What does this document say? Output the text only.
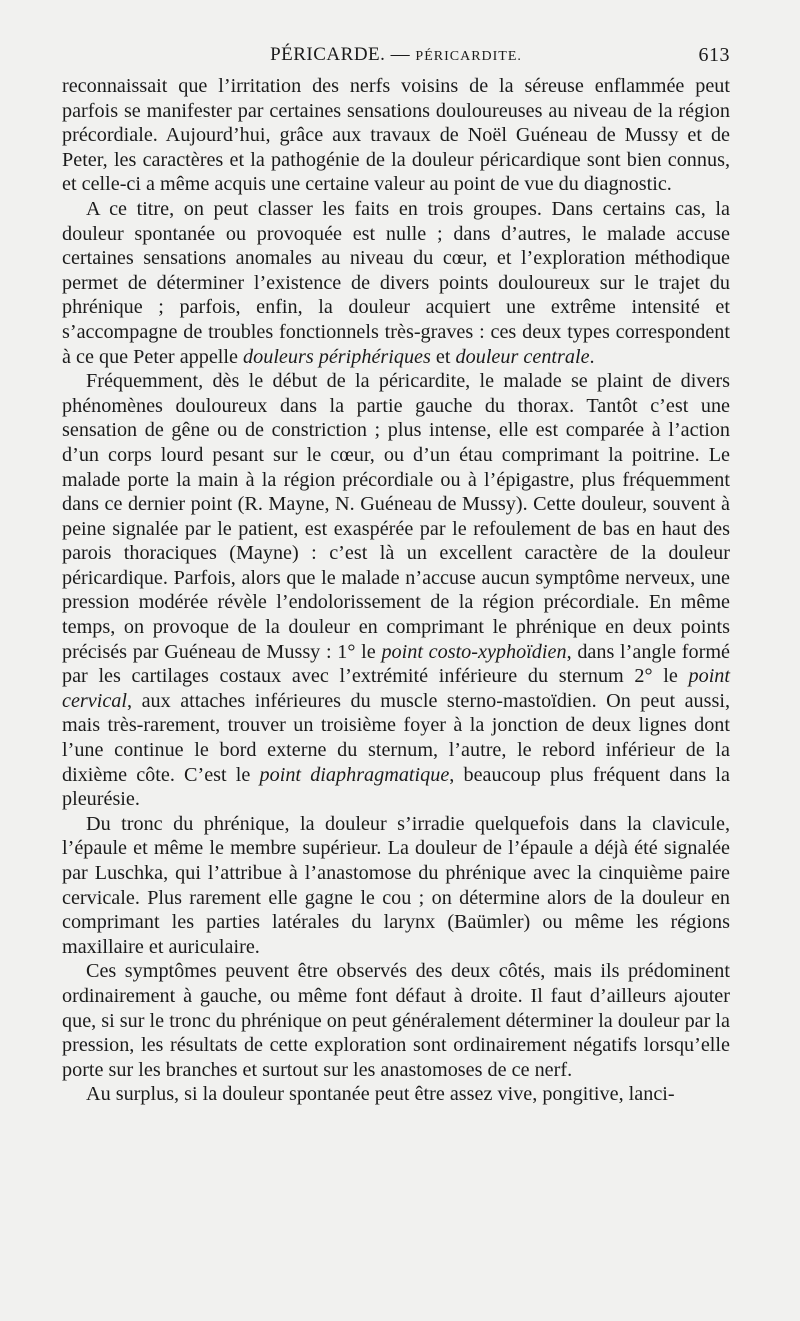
PÉRICARDE. — PÉRICARDITE.	613

reconnaissait que l’irritation des nerfs voisins de la séreuse enflammée peut parfois se manifester par certaines sensations douloureuses au niveau de la région précordiale. Aujourd’hui, grâce aux travaux de Noël Guéneau de Mussy et de Peter, les caractères et la pathogénie de la douleur péricardique sont bien connus, et celle-ci a même acquis une certaine valeur au point de vue du diagnostic.

A ce titre, on peut classer les faits en trois groupes. Dans certains cas, la douleur spontanée ou provoquée est nulle ; dans d’autres, le malade accuse certaines sensations anomales au niveau du cœur, et l’exploration méthodique permet de déterminer l’existence de divers points douloureux sur le trajet du phrénique ; parfois, enfin, la douleur acquiert une extrême intensité et s’accompagne de troubles fonctionnels très-graves : ces deux types correspondent à ce que Peter appelle douleurs périphériques et douleur centrale.

Fréquemment, dès le début de la péricardite, le malade se plaint de divers phénomènes douloureux dans la partie gauche du thorax. Tantôt c’est une sensation de gêne ou de constriction ; plus intense, elle est comparée à l’action d’un corps lourd pesant sur le cœur, ou d’un étau comprimant la poitrine. Le malade porte la main à la région précordiale ou à l’épigastre, plus fréquemment dans ce dernier point (R. Mayne, N. Guéneau de Mussy). Cette douleur, souvent à peine signalée par le patient, est exaspérée par le refoulement de bas en haut des parois thoraciques (Mayne) : c’est là un excellent caractère de la douleur péricardique. Parfois, alors que le malade n’accuse aucun symptôme nerveux, une pression modérée révèle l’endolorissement de la région précordiale. En même temps, on provoque de la douleur en comprimant le phrénique en deux points précisés par Guéneau de Mussy : 1° le point costo-xyphoïdien, dans l’angle formé par les cartilages costaux avec l’extrémité inférieure du sternum 2° le point cervical, aux attaches inférieures du muscle sterno-mastoïdien. On peut aussi, mais très-rarement, trouver un troisième foyer à la jonction de deux lignes dont l’une continue le bord externe du sternum, l’autre, le rebord inférieur de la dixième côte. C’est le point diaphragmatique, beaucoup plus fréquent dans la pleurésie.

Du tronc du phrénique, la douleur s’irradie quelquefois dans la clavicule, l’épaule et même le membre supérieur. La douleur de l’épaule a déjà été signalée par Luschka, qui l’attribue à l’anastomose du phrénique avec la cinquième paire cervicale. Plus rarement elle gagne le cou ; on détermine alors de la douleur en comprimant les parties latérales du larynx (Baümler) ou même les régions maxillaire et auriculaire.

Ces symptômes peuvent être observés des deux côtés, mais ils prédominent ordinairement à gauche, ou même font défaut à droite. Il faut d’ailleurs ajouter que, si sur le tronc du phrénique on peut généralement déterminer la douleur par la pression, les résultats de cette exploration sont ordinairement négatifs lorsqu’elle porte sur les branches et surtout sur les anastomoses de ce nerf.

Au surplus, si la douleur spontanée peut être assez vive, pongitive, lanci-
